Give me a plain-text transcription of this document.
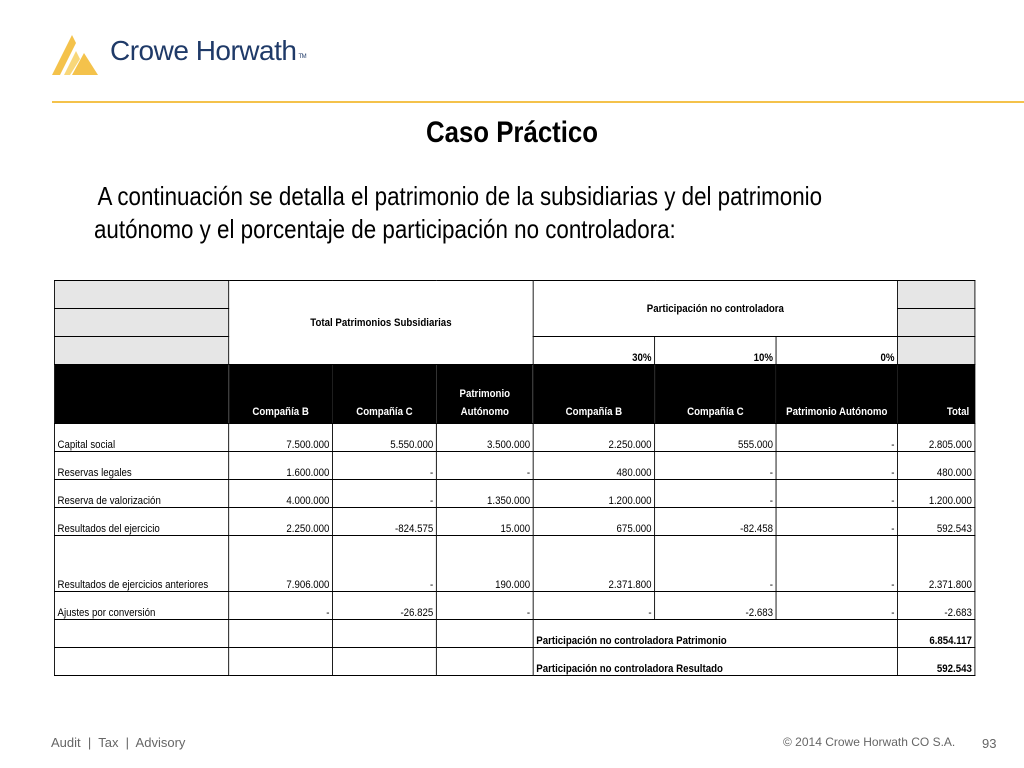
Crowe Horwath TM
Caso Práctico
A continuación se detalla el patrimonio de la subsidiarias y del patrimonio
autónomo y el porcentaje de participación no controladora:
	Total Patrimonios Subsidiarias			Participación no controladora			

				30%	10%	0%	
	Compañía B	Compañía C	Patrimonio Autónomo	Compañía B	Compañía C	Patrimonio Autónomo	Total
Capital social	7.500.000	5.550.000	3.500.000	2.250.000	555.000	-	2.805.000
Reservas legales	1.600.000	-	-	480.000	-	-	480.000
Reserva de valorización	4.000.000	-	1.350.000	1.200.000	-	-	1.200.000
Resultados del ejercicio	2.250.000	-824.575	15.000	675.000	-82.458	-	592.543
Resultados de ejercicios anteriores	7.906.000	-	190.000	2.371.800	-	-	2.371.800
Ajustes por conversión	-	-26.825	-	-	-2.683	-	-2.683
				Participación no controladora Patrimonio			6.854.117
				Participación no controladora Resultado			592.543
Audit  |  Tax  |  Advisory	© 2014 Crowe Horwath CO S.A. 93
